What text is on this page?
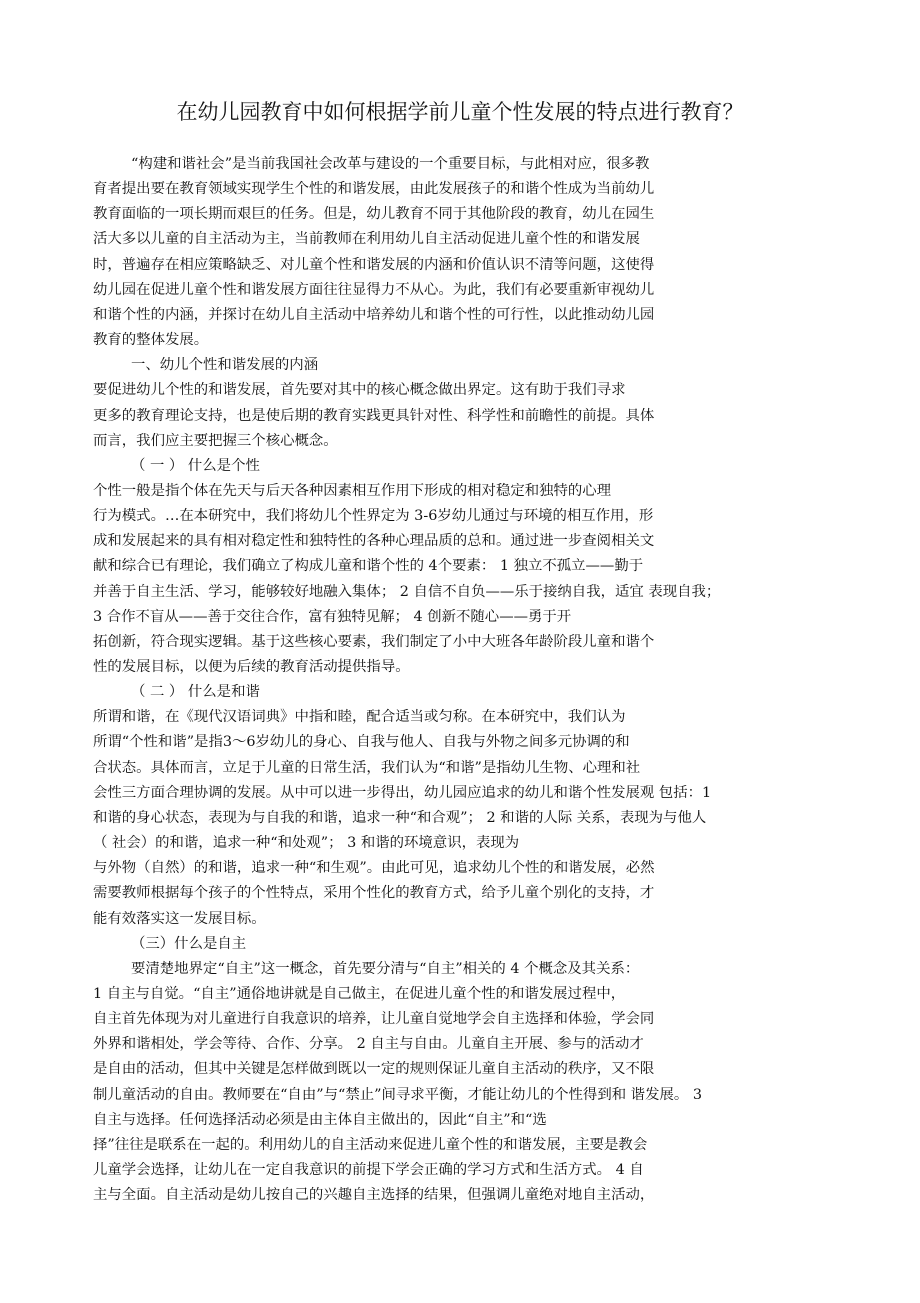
在幼儿园教育中如何根据学前儿童个性发展的特点进行教育？
“构建和谐社会”是当前我国社会改革与建设的一个重要目标，与此相对应，很多教
育者提出要在教育领域实现学生个性的和谐发展，由此发展孩子的和谐个性成为当前幼儿
教育面临的一项长期而艰巨的任务。但是，幼儿教育不同于其他阶段的教育，幼儿在园生
活大多以儿童的自主活动为主，当前教师在利用幼儿自主活动促进儿童个性的和谐发展
时，普遍存在相应策略缺乏、对儿童个性和谐发展的内涵和价值认识不清等问题，这使得
幼儿园在促进儿童个性和谐发展方面往往显得力不从心。为此，我们有必要重新审视幼儿
和谐个性的内涵，并探讨在幼儿自主活动中培养幼儿和谐个性的可行性，以此推动幼儿园
教育的整体发展。
一、幼儿个性和谐发展的内涵
要促进幼儿个性的和谐发展，首先要对其中的核心概念做出界定。这有助于我们寻求
更多的教育理论支持，也是使后期的教育实践更具针对性、科学性和前瞻性的前提。具体
而言，我们应主要把握三个核心概念。
（ 一 ） 什么是个性
个性一般是指个体在先天与后天各种因素相互作用下形成的相对稳定和独特的心理
行为模式。…在本研究中，我们将幼儿个性界定为 3-6岁幼儿通过与环境的相互作用，形
成和发展起来的具有相对稳定性和独特性的各种心理品质的总和。通过进一步查阅相关文
献和综合已有理论，我们确立了构成儿童和谐个性的 4个要素： 1 独立不孤立——勤于
并善于自主生活、学习，能够较好地融入集体； 2 自信不自负——乐于接纳自我，适宜 表现自我；
3 合作不盲从——善于交往合作，富有独特见解； 4 创新不随心——勇于开
拓创新，符合现实逻辑。基于这些核心要素，我们制定了小中大班各年龄阶段儿童和谐个
性的发展目标，以便为后续的教育活动提供指导。
（ 二 ） 什么是和谐
所谓和谐，在《现代汉语词典》中指和睦，配合适当或匀称。在本研究中，我们认为
所谓“个性和谐”是指3～6岁幼儿的身心、自我与他人、自我与外物之间多元协调的和
合状态。具体而言，立足于儿童的日常生活，我们认为“和谐”是指幼儿生物、心理和社
会性三方面合理协调的发展。从中可以进一步得出，幼儿园应追求的幼儿和谐个性发展观 包括：1
和谐的身心状态，表现为与自我的和谐，追求一种“和合观”； 2 和谐的人际 关系，表现为与他人
（ 社会）的和谐，追求一种“和处观”； 3 和谐的环境意识，表现为
与外物（自然）的和谐，追求一种“和生观”。由此可见，追求幼儿个性的和谐发展，必然
需要教师根据每个孩子的个性特点，采用个性化的教育方式，给予儿童个别化的支持，才
能有效落实这一发展目标。
（三）什么是自主
要清楚地界定“自主”这一概念，首先要分清与“自主”相关的 4 个概念及其关系：
1 自主与自觉。“自主”通俗地讲就是自己做主，在促进儿童个性的和谐发展过程中，
自主首先体现为对儿童进行自我意识的培养，让儿童自觉地学会自主选择和体验，学会同
外界和谐相处，学会等待、合作、分享。 2 自主与自由。儿童自主开展、参与的活动才
是自由的活动，但其中关键是怎样做到既以一定的规则保证儿童自主活动的秩序，又不限
制儿童活动的自由。教师要在“自由”与“禁止”间寻求平衡，才能让幼儿的个性得到和 谐发展。 3
自主与选择。任何选择活动必须是由主体自主做出的，因此“自主”和“选
择”往往是联系在一起的。利用幼儿的自主活动来促进儿童个性的和谐发展，主要是教会
儿童学会选择，让幼儿在一定自我意识的前提下学会正确的学习方式和生活方式。 4 自
主与全面。自主活动是幼儿按自己的兴趣自主选择的结果，但强调儿童绝对地自主活动，
